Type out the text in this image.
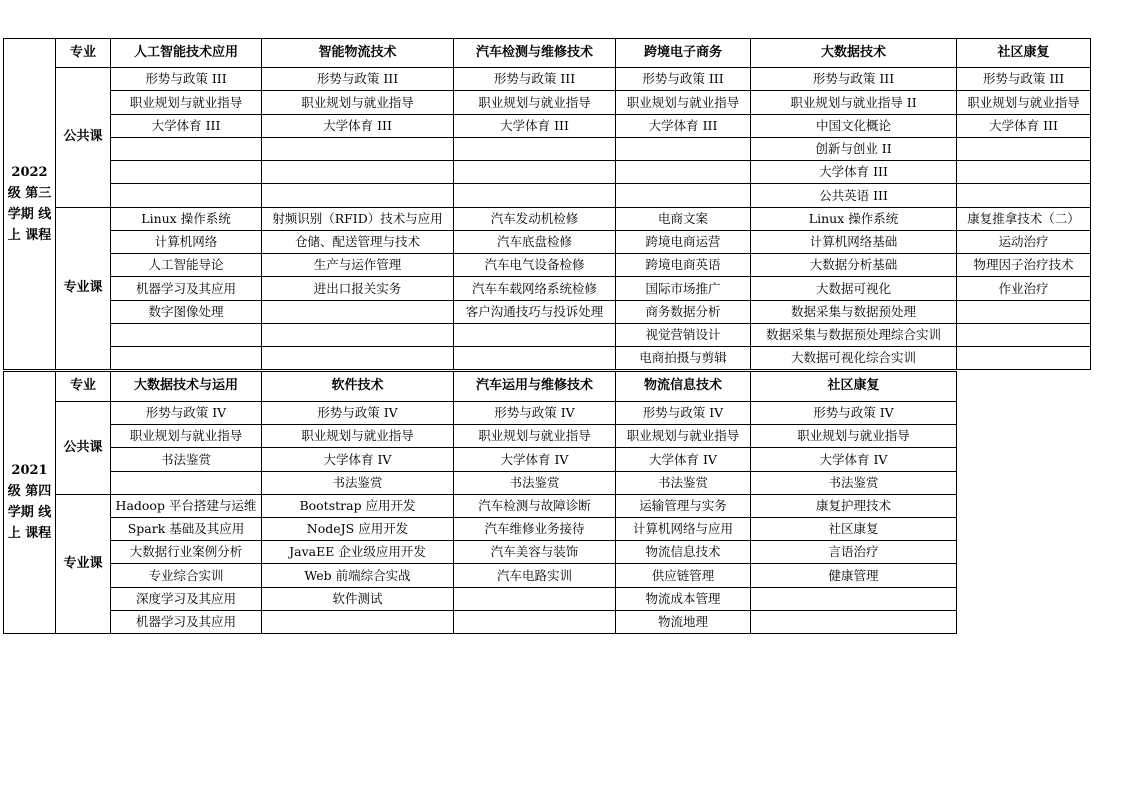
2022 级 第三 学期 线上 课程	专业	人工智能技术应用	智能物流技术	汽车检测与维修技术	跨境电子商务	大数据技术	社区康复
	公共课	形势与政策 III	形势与政策 III	形势与政策 III	形势与政策 III	形势与政策 III	形势与政策 III
		职业规划与就业指导	职业规划与就业指导	职业规划与就业指导	职业规划与就业指导	职业规划与就业指导 II	职业规划与就业指导
		大学体育 III	大学体育 III	大学体育 III	大学体育 III	中国文化概论	大学体育 III
						创新与创业 II	
						大学体育 III	
						公共英语 III	
	专业课	Linux 操作系统	射频识别（RFID）技术与应用	汽车发动机检修	电商文案	Linux 操作系统	康复推拿技术（二）
		计算机网络	仓储、配送管理与技术	汽车底盘检修	跨境电商运营	计算机网络基础	运动治疗
		人工智能导论	生产与运作管理	汽车电气设备检修	跨境电商英语	大数据分析基础	物理因子治疗技术
		机器学习及其应用	进出口报关实务	汽车车载网络系统检修	国际市场推广	大数据可视化	作业治疗
		数字图像处理		客户沟通技巧与投诉处理	商务数据分析	数据采集与数据预处理	
					视觉营销设计	数据采集与数据预处理综合实训	
					电商拍摄与剪辑	大数据可视化综合实训	
2021 级 第四 学期 线上 课程	专业	大数据技术与运用	软件技术	汽车运用与维修技术	物流信息技术	社区康复
	公共课	形势与政策 IV	形势与政策 IV	形势与政策 IV	形势与政策 IV	形势与政策 IV
		职业规划与就业指导	职业规划与就业指导	职业规划与就业指导	职业规划与就业指导	职业规划与就业指导
		书法鉴赏	大学体育 IV	大学体育 IV	大学体育 IV	大学体育 IV
			书法鉴赏	书法鉴赏	书法鉴赏	书法鉴赏
	专业课	Hadoop 平台搭建与运维	Bootstrap 应用开发	汽车检测与故障诊断	运输管理与实务	康复护理技术
		Spark 基础及其应用	NodeJS 应用开发	汽车维修业务接待	计算机网络与应用	社区康复
		大数据行业案例分析	JavaEE 企业级应用开发	汽车美容与装饰	物流信息技术	言语治疗
		专业综合实训	Web 前端综合实战	汽车电路实训	供应链管理	健康管理
		深度学习及其应用	软件测试		物流成本管理	
		机器学习及其应用			物流地理	
